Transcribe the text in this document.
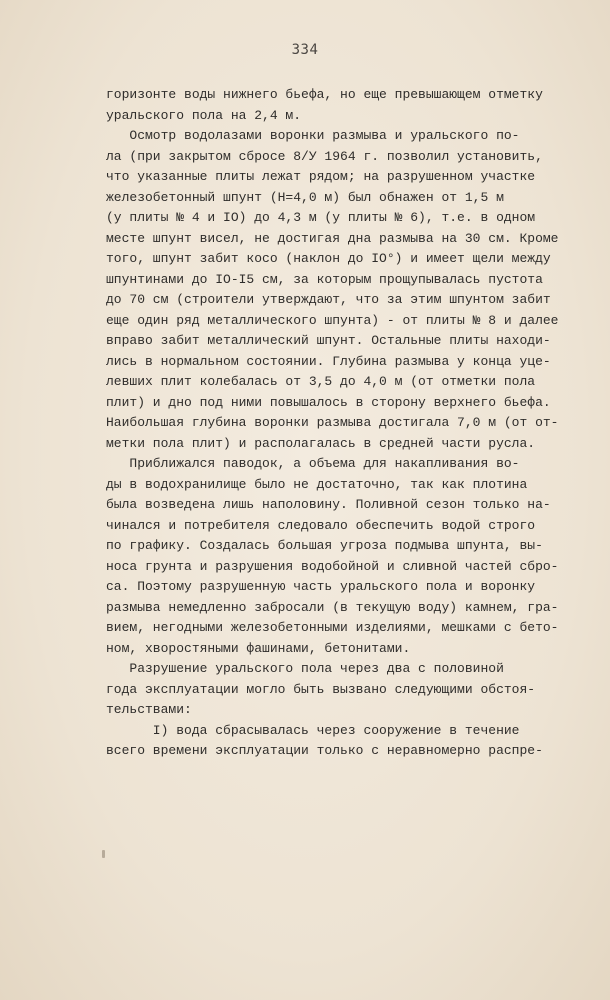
334
горизонте воды нижнего бьефа, но еще превышающем отметку
уральского пола на 2,4 м.
Осмотр водолазами воронки размыва и уральского по-
ла (при закрытом сбросе 8/У 1964 г. позволил установить,
что указанные плиты лежат рядом; на разрушенном участке
железобетонный шпунт (Н=4,0 м) был обнажен от 1,5 м
(у плиты № 4 и IO) до 4,3 м (у плиты № 6), т.е. в одном
месте шпунт висел, не достигая дна размыва на 30 см. Кроме
того, шпунт забит косо (наклон до IO°) и имеет щели между
шпунтинами до IO-I5 см, за которым прощупывалась пустота
до 70 см (строители утверждают, что за этим шпунтом забит
еще один ряд металлического шпунта) - от плиты № 8 и далее
вправо забит металлический шпунт. Остальные плиты находи-
лись в нормальном состоянии. Глубина размыва у конца уце-
левших плит колебалась от 3,5 до 4,0 м (от отметки пола
плит) и дно под ними повышалось в сторону верхнего бьефа.
Наибольшая глубина воронки размыва достигала 7,0 м (от от-
метки пола плит) и располагалась в средней части русла.
Приближался паводок, а объема для накапливания во-
ды в водохранилище было не достаточно, так как плотина
была возведена лишь наполовину. Поливной сезон только на-
чинался и потребителя следовало обеспечить водой строго
по графику. Создалась большая угроза подмыва шпунта, вы-
носа грунта и разрушения водобойной и сливной частей сбро-
са. Поэтому разрушенную часть уральского пола и воронку
размыва немедленно забросали (в текущую воду) камнем, гра-
вием, негодными железобетонными изделиями, мешками с бето-
ном, хворостяными фашинами, бетонитами.
Разрушение уральского пола через два с половиной
года эксплуатации могло быть вызвано следующими обстоя-
тельствами:
I) вода сбрасывалась через сооружение в течение
всего времени эксплуатации только с неравномерно распре-
